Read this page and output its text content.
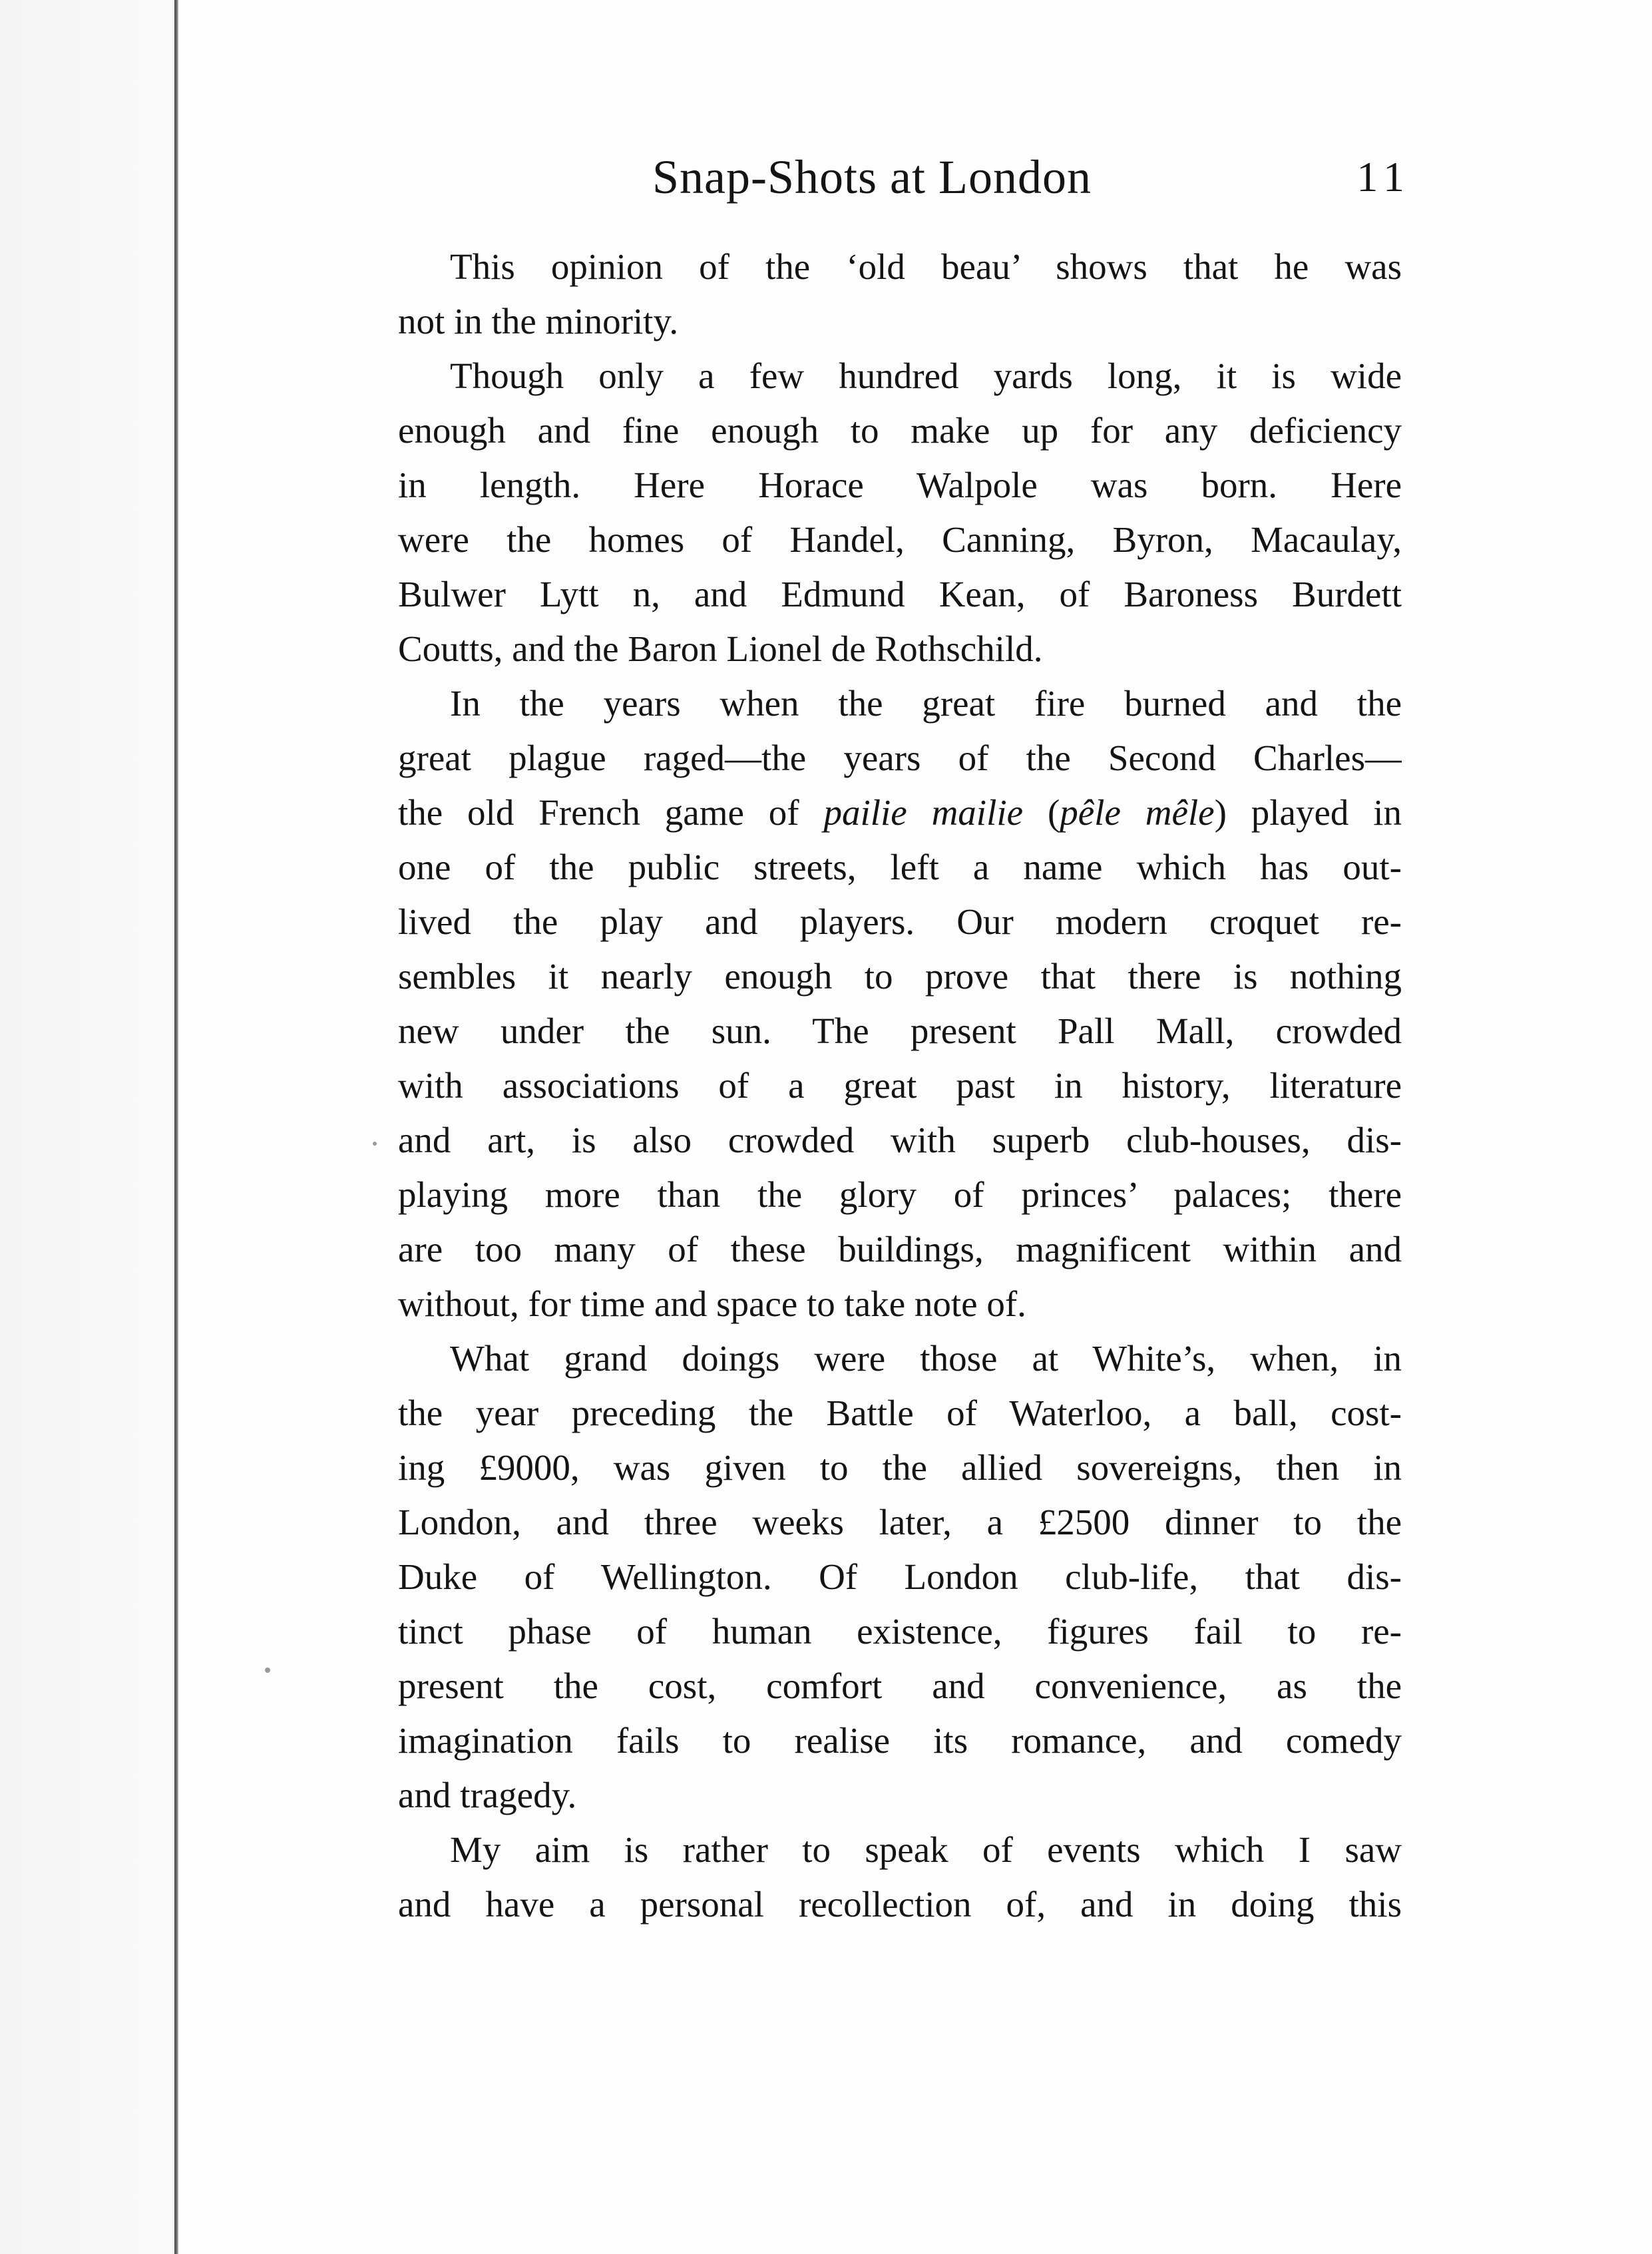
Snap-Shots at London	11

This opinion of the ‘old beau’ shows that he was
not in the minority.

Though only a few hundred yards long, it is wide
enough and fine enough to make up for any deficiency
in length. Here Horace Walpole was born. Here
were the homes of Handel, Canning, Byron, Macaulay,
Bulwer Lytt n, and Edmund Kean, of Baroness Burdett
Coutts, and the Baron Lionel de Rothschild.

In the years when the great fire burned and the
great plague raged—the years of the Second Charles—
the old French game of pailie mailie (pêle mêle) played in
one of the public streets, left a name which has out-
lived the play and players. Our modern croquet re-
sembles it nearly enough to prove that there is nothing
new under the sun. The present Pall Mall, crowded
with associations of a great past in history, literature
and art, is also crowded with superb club-houses, dis-
playing more than the glory of princes’ palaces; there
are too many of these buildings, magnificent within and
without, for time and space to take note of.

What grand doings were those at White’s, when, in
the year preceding the Battle of Waterloo, a ball, cost-
ing £9000, was given to the allied sovereigns, then in
London, and three weeks later, a £2500 dinner to the
Duke of Wellington. Of London club-life, that dis-
tinct phase of human existence, figures fail to re-
present the cost, comfort and convenience, as the
imagination fails to realise its romance, and comedy
and tragedy.

My aim is rather to speak of events which I saw
and have a personal recollection of, and in doing this
